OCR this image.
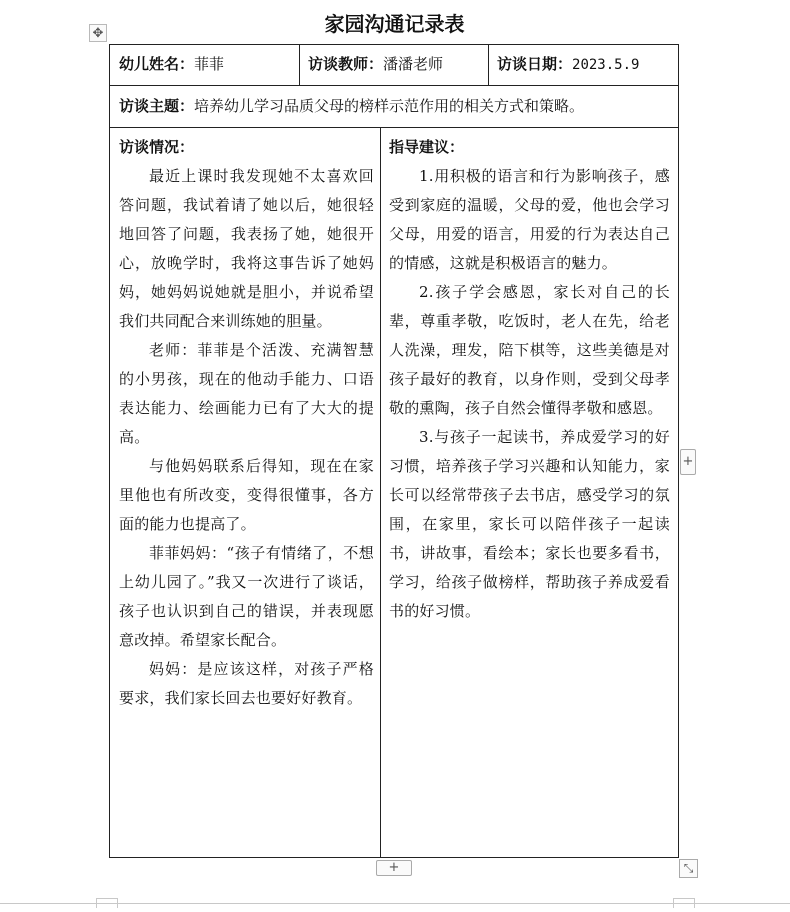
✥	家园沟通记录表
幼儿姓名：菲菲	访谈教师：潘潘老师	访谈日期：2023.5.9
访谈主题：培养幼儿学习品质父母的榜样示范作用的相关方式和策略。

访谈情况：

最近上课时我发现她不太喜欢回答问题，我试着请了她以后，她很轻地回答了问题，我表扬了她，她很开心，放晚学时，我将这事告诉了她妈妈，她妈妈说她就是胆小，并说希望我们共同配合来训练她的胆量。

老师：菲菲是个活泼、充满智慧的小男孩，现在的他动手能力、口语表达能力、绘画能力已有了大大的提高。

与他妈妈联系后得知，现在在家里他也有所改变，变得很懂事，各方面的能力也提高了。

菲菲妈妈：“孩子有情绪了，不想上幼儿园了。”我又一次进行了谈话，孩子也认识到自己的错误，并表现愿意改掉。希望家长配合。

妈妈：是应该这样，对孩子严格要求，我们家长回去也要好好教育。

指导建议：

1.用积极的语言和行为影响孩子，感受到家庭的温暖，父母的爱，他也会学习父母，用爱的语言，用爱的行为表达自己的情感，这就是积极语言的魅力。

2.孩子学会感恩，家长对自己的长辈，尊重孝敬，吃饭时，老人在先，给老人洗澡，理发，陪下棋等，这些美德是对孩子最好的教育，以身作则，受到父母孝敬的熏陶，孩子自然会懂得孝敬和感恩。

3.与孩子一起读书，养成爱学习的好习惯，培养孩子学习兴趣和认知能力，家长可以经常带孩子去书店，感受学习的氛围，在家里，家长可以陪伴孩子一起读书，讲故事，看绘本；家长也要多看书，学习，给孩子做榜样，帮助孩子养成爱看书的好习惯。

+
+	⤡
